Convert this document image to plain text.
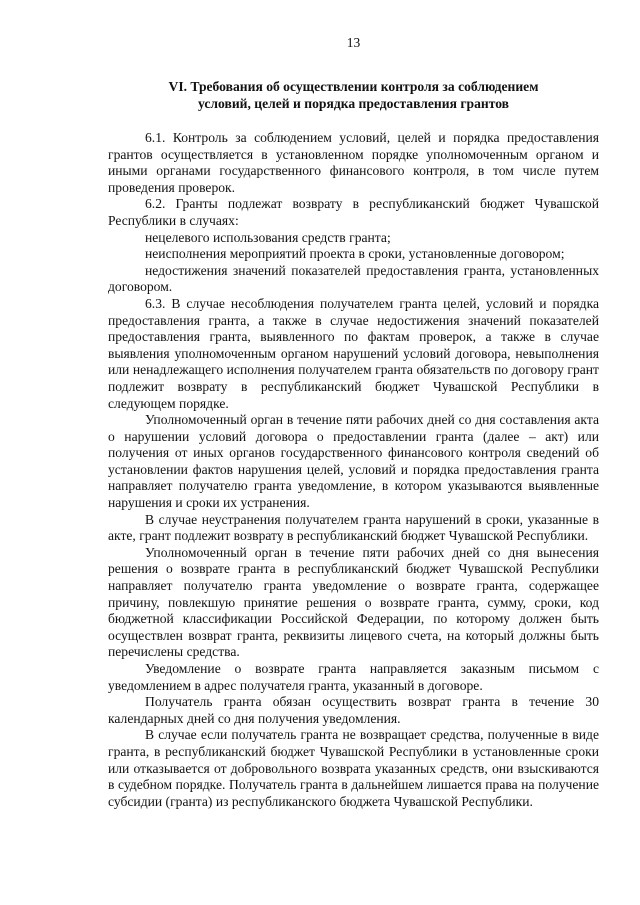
13
VI. Требования об осуществлении контроля за соблюдением
условий, целей и порядка предоставления грантов

6.1. Контроль за соблюдением условий, целей и порядка предоставления грантов осуществляется в установленном порядке уполномоченным органом и иными органами государственного финансового контроля, в том числе путем проведения проверок.

6.2. Гранты подлежат возврату в республиканский бюджет Чувашской Республики в случаях:

нецелевого использования средств гранта;

неисполнения мероприятий проекта в сроки, установленные договором;

недостижения значений показателей предоставления гранта, установленных договором.

6.3. В случае несоблюдения получателем гранта целей, условий и порядка предоставления гранта, а также в случае недостижения значений показателей предоставления гранта, выявленного по фактам проверок, а также в случае выявления уполномоченным органом нарушений условий договора, невыполнения или ненадлежащего исполнения получателем гранта обязательств по договору грант подлежит возврату в республиканский бюджет Чувашской Республики в следующем порядке.

Уполномоченный орган в течение пяти рабочих дней со дня составления акта о нарушении условий договора о предоставлении гранта (далее – акт) или получения от иных органов государственного финансового контроля сведений об установлении фактов нарушения целей, условий и порядка предоставления гранта направляет получателю гранта уведомление, в котором указываются выявленные нарушения и сроки их устранения.

В случае неустранения получателем гранта нарушений в сроки, указанные в акте, грант подлежит возврату в республиканский бюджет Чувашской Республики.

Уполномоченный орган в течение пяти рабочих дней со дня вынесения решения о возврате гранта в республиканский бюджет Чувашской Республики направляет получателю гранта уведомление о возврате гранта, содержащее причину, повлекшую принятие решения о возврате гранта, сумму, сроки, код бюджетной классификации Российской Федерации, по которому должен быть осуществлен возврат гранта, реквизиты лицевого счета, на который должны быть перечислены средства.

Уведомление о возврате гранта направляется заказным письмом с уведомлением в адрес получателя гранта, указанный в договоре.

Получатель гранта обязан осуществить возврат гранта в течение 30 календарных дней со дня получения уведомления.

В случае если получатель гранта не возвращает средства, полученные в виде гранта, в республиканский бюджет Чувашской Республики в установленные сроки или отказывается от добровольного возврата указанных средств, они взыскиваются в судебном порядке. Получатель гранта в дальнейшем лишается права на получение субсидии (гранта) из республиканского бюджета Чувашской Республики.
